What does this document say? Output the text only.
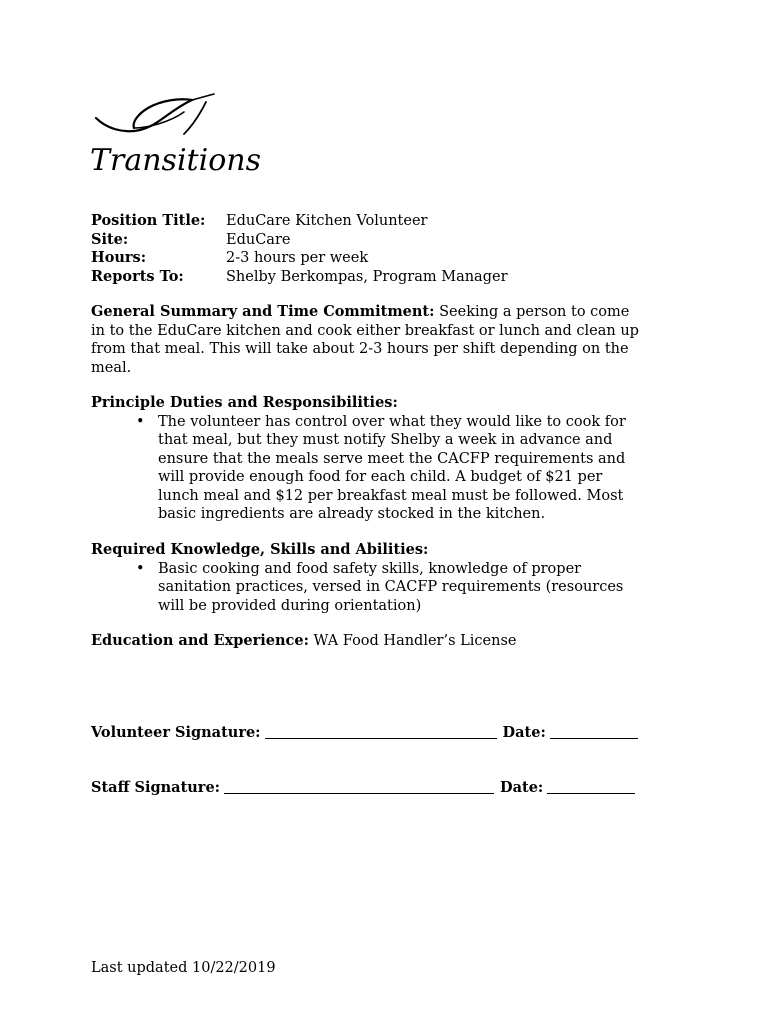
Transitions
Position Title:	EduCare Kitchen Volunteer
Site:	EduCare
Hours:	2-3 hours per week
Reports To:	Shelby Berkompas, Program Manager
General Summary and Time Commitment: Seeking a person to come in to the EduCare kitchen and cook either breakfast or lunch and clean up from that meal. This will take about 2-3 hours per shift depending on the meal.
Principle Duties and Responsibilities:
• The volunteer has control over what they would like to cook for that meal, but they must notify Shelby a week in advance and ensure that the meals serve meet the CACFP requirements and will provide enough food for each child. A budget of $21 per lunch meal and $12 per breakfast meal must be followed. Most basic ingredients are already stocked in the kitchen.
Required Knowledge, Skills and Abilities:
• Basic cooking and food safety skills, knowledge of proper sanitation practices, versed in CACFP requirements (resources will be provided during orientation)
Education and Experience: WA Food Handler’s License
Volunteer Signature:	Date:
Staff Signature:	Date:
Last updated 10/22/2019
